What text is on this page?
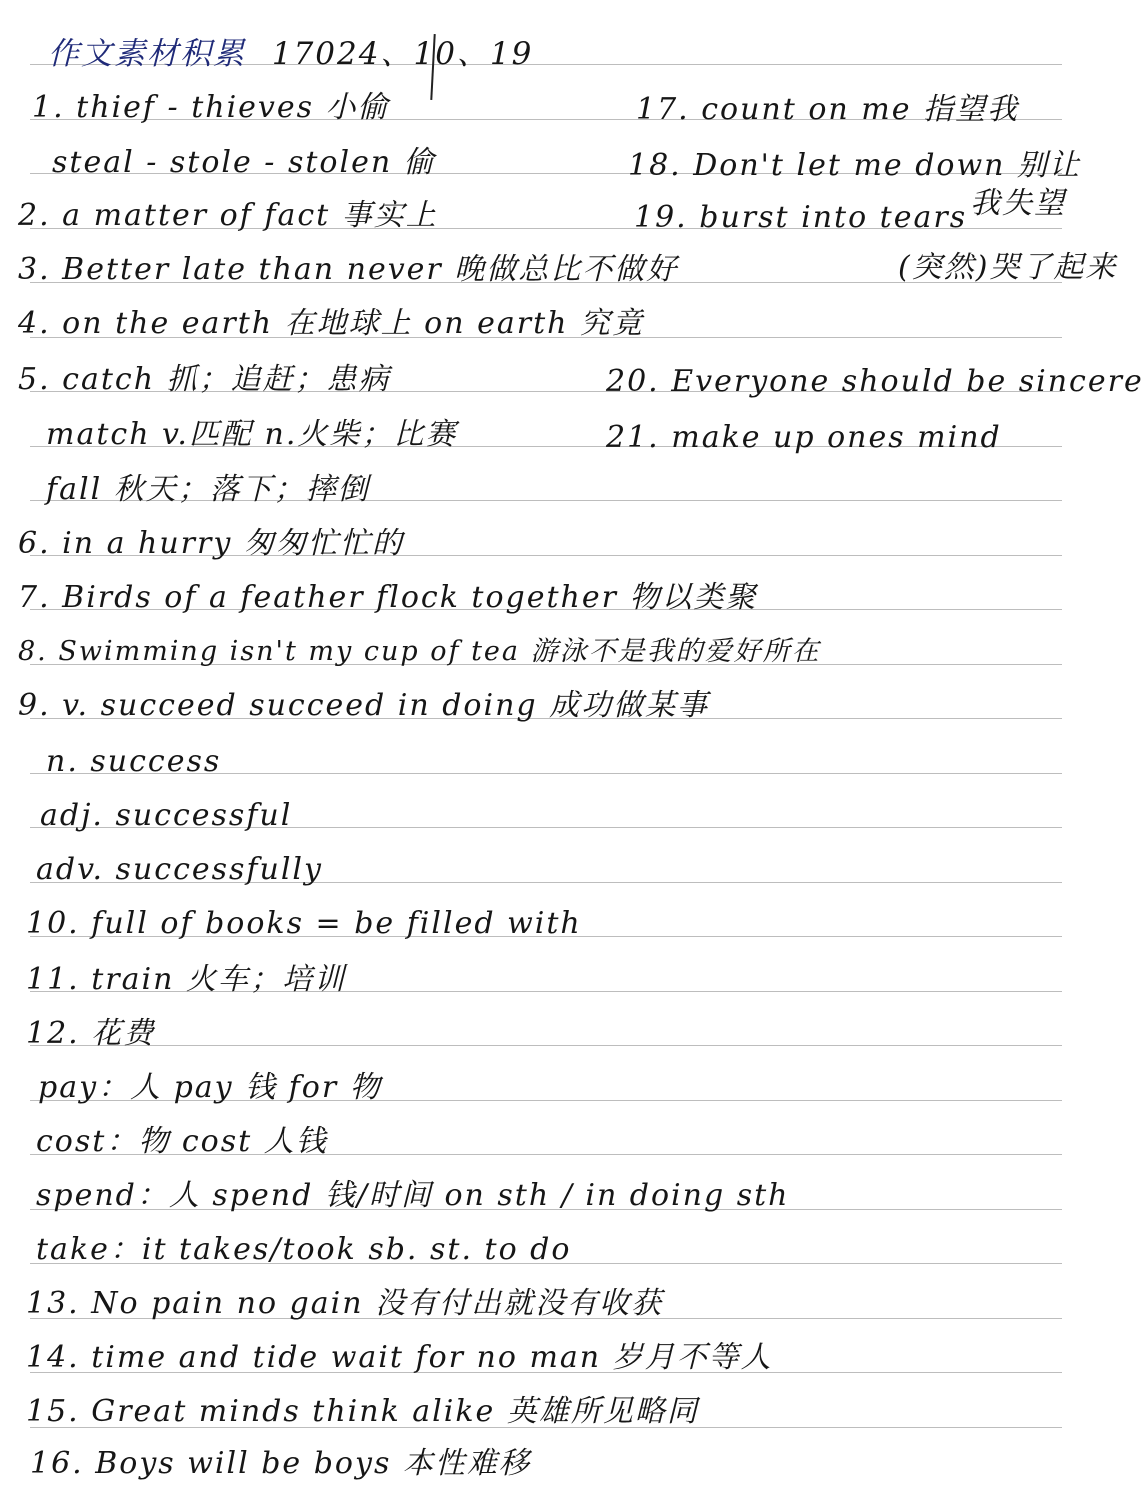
作文素材积累 17024、10、19
1. thief - thieves 小偷
steal - stole - stolen 偷
2. a matter of fact 事实上
3. Better late than never 晚做总比不做好
4. on the earth 在地球上 on earth 究竟
5. catch 抓；追赶；患病
match v.匹配 n.火柴；比赛
fall 秋天；落下；摔倒
6. in a hurry 匆匆忙忙的
7. Birds of a feather flock together 物以类聚
8. Swimming isn't my cup of tea 游泳不是我的爱好所在
9. v. succeed succeed in doing 成功做某事
n. success
adj. successful
adv. successfully
10. full of books = be filled with
11. train 火车；培训
12. 花费
pay：人 pay 钱 for 物
cost：物 cost 人钱
spend：人 spend 钱/时间 on sth / in doing sth
take：it takes/took sb. st. to do
13. No pain no gain 没有付出就没有收获
14. time and tide wait for no man 岁月不等人
15. Great minds think alike 英雄所见略同
16. Boys will be boys 本性难移
17. count on me 指望我
18. Don't let me down 别让
我失望
19. burst into tears
(突然)哭了起来
20. Everyone should be sincere
21. make up ones mind
